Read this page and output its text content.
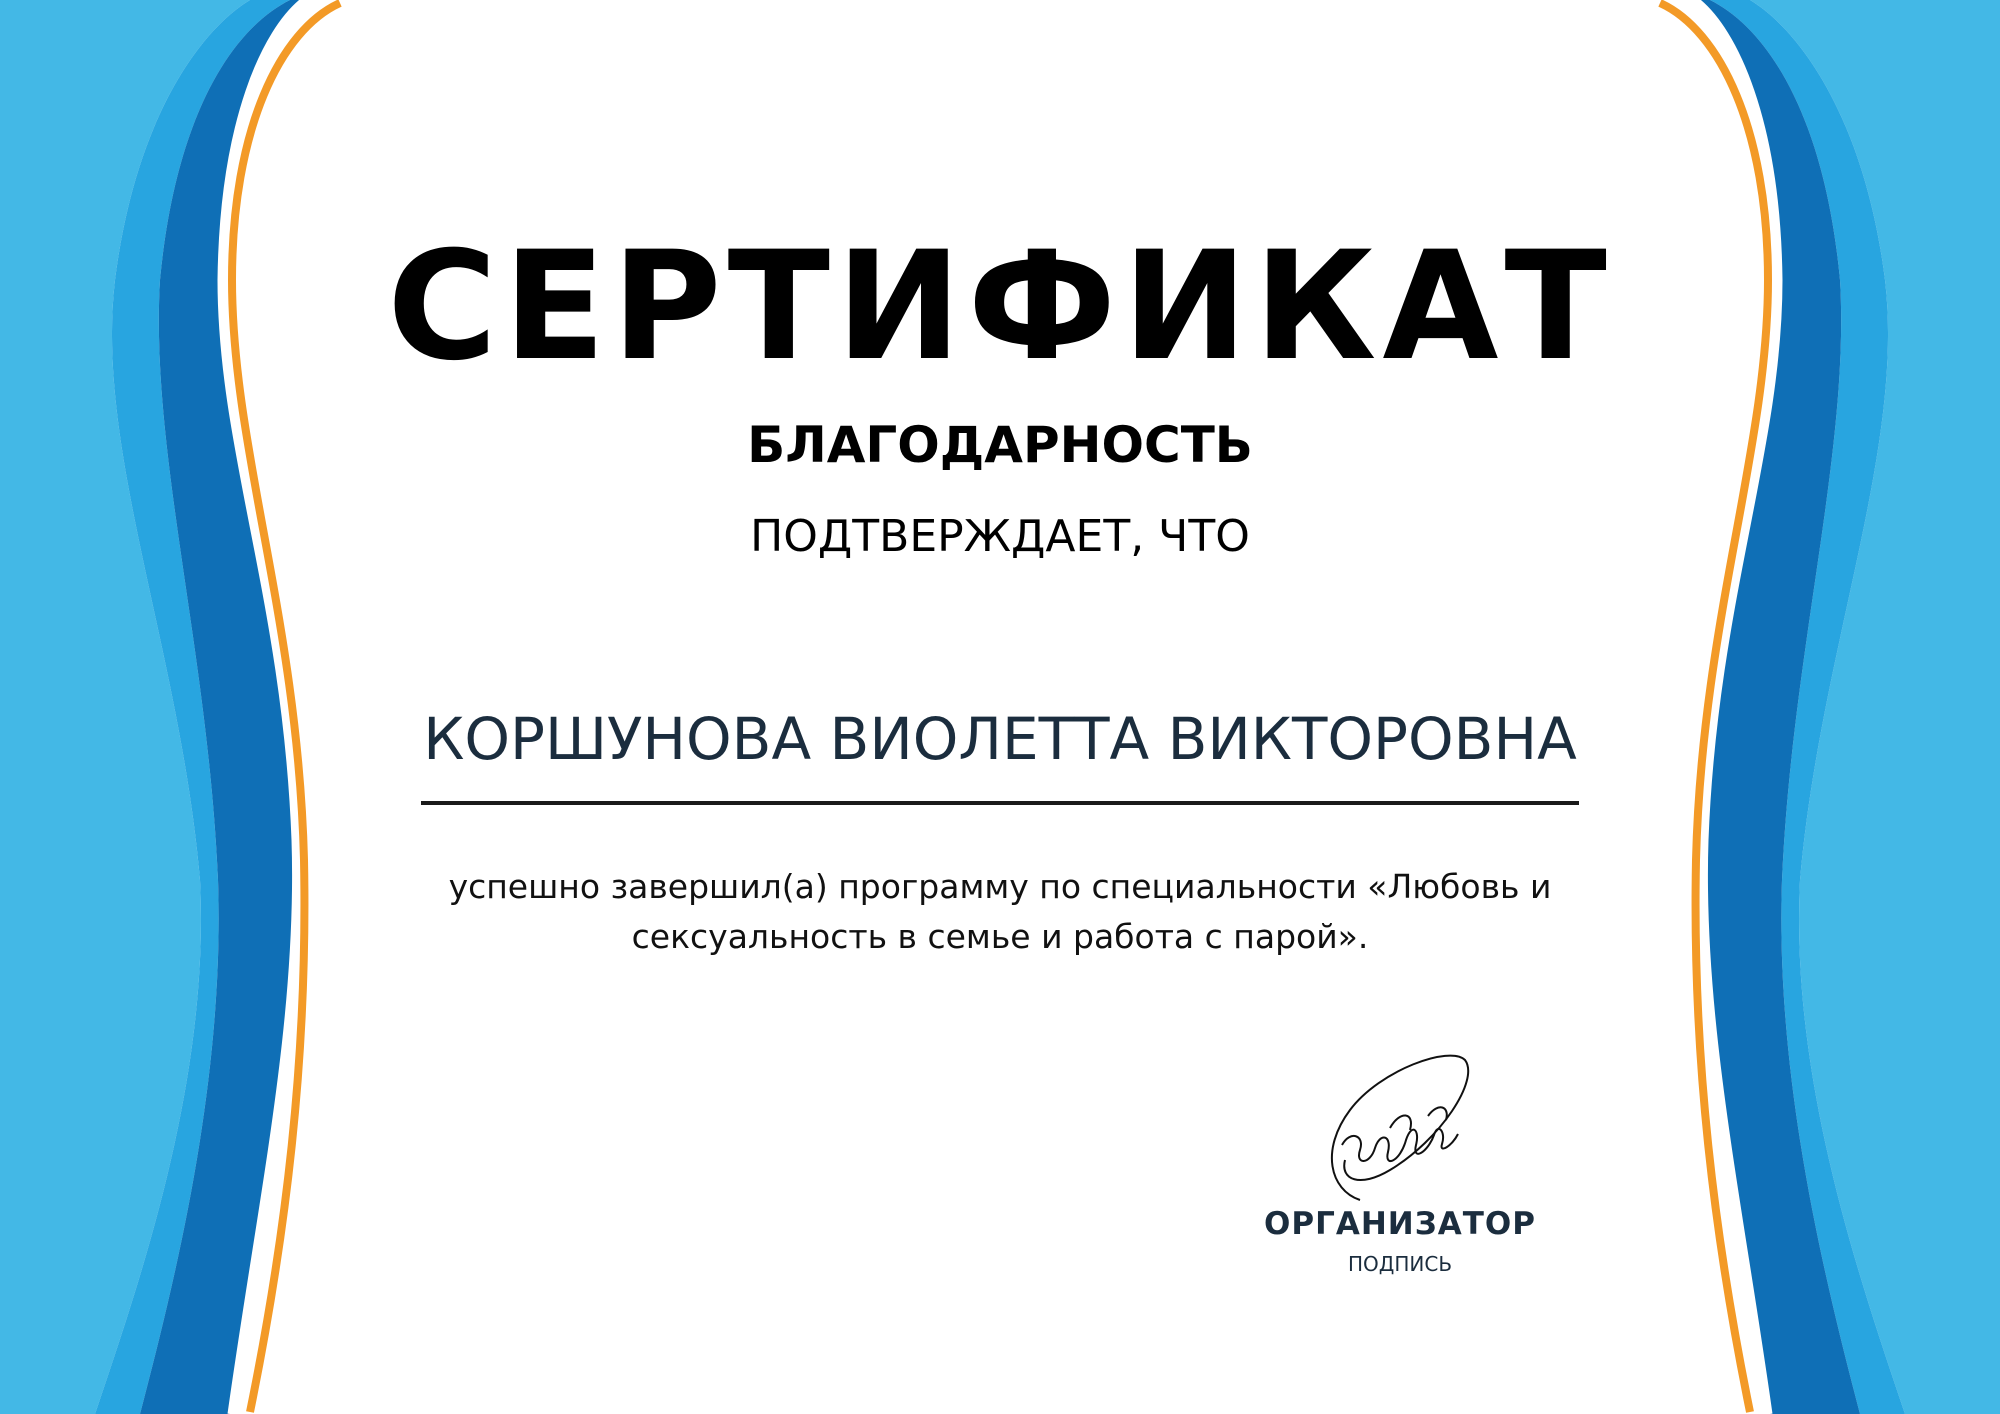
СЕРТИФИКАТ
БЛАГОДАРНОСТЬ
ПОДТВЕРЖДАЕТ, ЧТО
КОРШУНОВА ВИОЛЕТТА ВИКТОРОВНА
успешно завершил(а) программу по специальности «Любовь и
сексуальность в семье и работа с парой».
ОРГАНИЗАТОР
ПОДПИСЬ
